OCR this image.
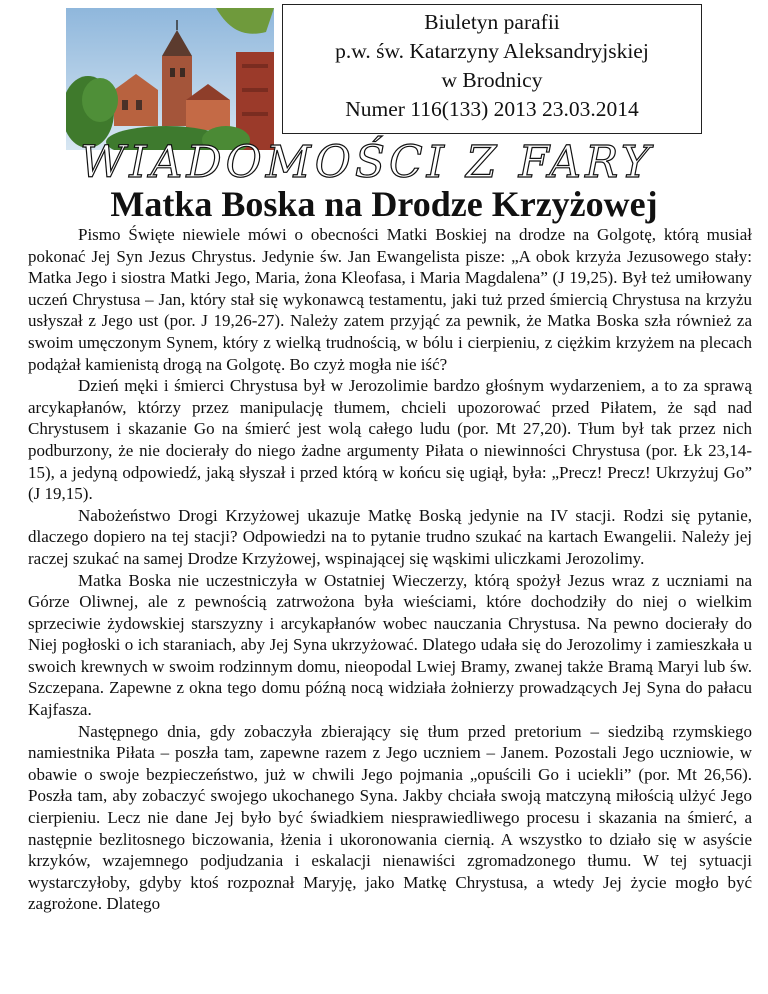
Biuletyn parafii
p.w. św. Katarzyny Aleksandryjskiej
w Brodnicy
Numer 116(133) 2013 23.03.2014
WIADOMOŚCI Z FARY
Matka Boska na Drodze Krzyżowej

Pismo Święte niewiele mówi o obecności Matki Boskiej na drodze na Golgotę, którą musiał pokonać Jej Syn Jezus Chrystus. Jedynie św. Jan Ewangelista pisze: „A obok krzyża Jezusowego stały: Matka Jego i siostra Matki Jego, Maria, żona Kleofasa, i Maria Magdalena” (J 19,25). Był też umiłowany uczeń Chrystusa – Jan, który stał się wykonawcą testamentu, jaki tuż przed śmiercią Chrystusa na krzyżu usłyszał z Jego ust (por. J 19,26-27). Należy zatem przyjąć za pewnik, że Matka Boska szła również za swoim umęczonym Synem, który z wielką trudnością, w bólu i cierpieniu, z ciężkim krzyżem na plecach podążał kamienistą drogą na Golgotę. Bo czyż mogła nie iść?

Dzień męki i śmierci Chrystusa był w Jerozolimie bardzo głośnym wydarzeniem, a to za sprawą arcykapłanów, którzy przez manipulację tłumem, chcieli upozorować przed Piłatem, że sąd nad Chrystusem i skazanie Go na śmierć jest wolą całego ludu (por. Mt 27,20). Tłum był tak przez nich podburzony, że nie docierały do niego żadne argumenty Piłata o niewinności Chrystusa (por. Łk 23,14-15), a jedyną odpowiedź, jaką słyszał i przed którą w końcu się ugiął, była: „Precz! Precz! Ukrzyżuj Go” (J 19,15).

Nabożeństwo Drogi Krzyżowej ukazuje Matkę Boską jedynie na IV stacji. Rodzi się pytanie, dlaczego dopiero na tej stacji? Odpowiedzi na to pytanie trudno szukać na kartach Ewangelii. Należy jej raczej szukać na samej Drodze Krzyżowej, wspinającej się wąskimi uliczkami Jerozolimy.

Matka Boska nie uczestniczyła w Ostatniej Wieczerzy, którą spożył Jezus wraz z uczniami na Górze Oliwnej, ale z pewnością zatrwożona była wieściami, które dochodziły do niej o wielkim sprzeciwie żydowskiej starszyzny i arcykapłanów wobec nauczania Chrystusa. Na pewno docierały do Niej pogłoski o ich staraniach, aby Jej Syna ukrzyżować. Dlatego udała się do Jerozolimy i zamieszkała u swoich krewnych w swoim rodzinnym domu, nieopodal Lwiej Bramy, zwanej także Bramą Maryi lub św. Szczepana. Zapewne z okna tego domu późną nocą widziała żołnierzy prowadzących Jej Syna do pałacu Kajfasza.

Następnego dnia, gdy zobaczyła zbierający się tłum przed pretorium – siedzibą rzymskiego namiestnika Piłata – poszła tam, zapewne razem z Jego uczniem – Janem. Pozostali Jego uczniowie, w obawie o swoje bezpieczeństwo, już w chwili Jego pojmania „opuścili Go i uciekli” (por. Mt 26,56). Poszła tam, aby zobaczyć swojego ukochanego Syna. Jakby chciała swoją matczyną miłością ulżyć Jego cierpieniu. Lecz nie dane Jej było być świadkiem niesprawiedliwego procesu i skazania na śmierć, a następnie bezlitosnego biczowania, łżenia i ukoronowania ciernią. A wszystko to działo się w asyście krzyków, wzajemnego podjudzania i eskalacji nienawiści zgromadzonego tłumu. W tej sytuacji wystarczyłoby, gdyby ktoś rozpoznał Maryję, jako Matkę Chrystusa, a wtedy Jej życie mogło być zagrożone. Dlatego
